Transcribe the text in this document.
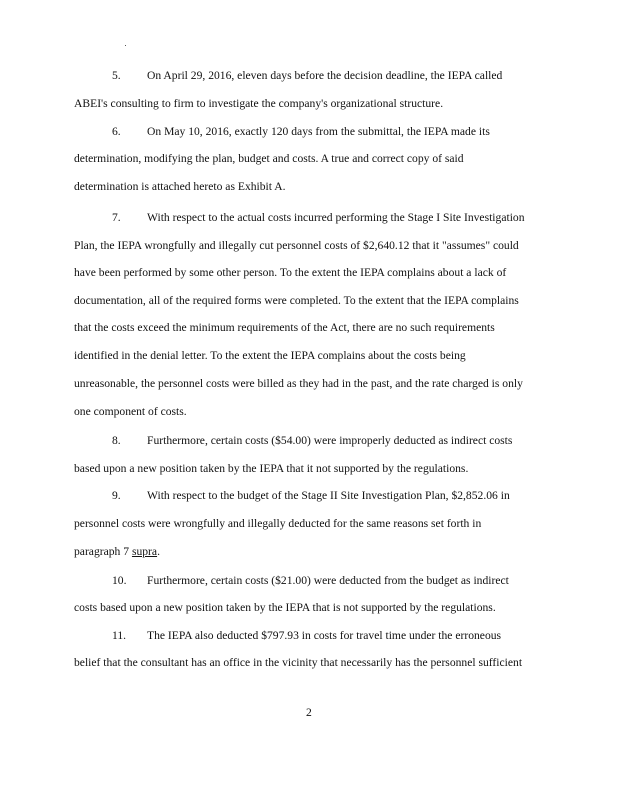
5. On April 29, 2016, eleven days before the decision deadline, the IEPA called
ABEI's consulting to firm to investigate the company's organizational structure.
6. On May 10, 2016, exactly 120 days from the submittal, the IEPA made its
determination, modifying the plan, budget and costs. A true and correct copy of said
determination is attached hereto as Exhibit A.
7. With respect to the actual costs incurred performing the Stage I Site Investigation
Plan, the IEPA wrongfully and illegally cut personnel costs of $2,640.12 that it "assumes" could
have been performed by some other person. To the extent the IEPA complains about a lack of
documentation, all of the required forms were completed. To the extent that the IEPA complains
that the costs exceed the minimum requirements of the Act, there are no such requirements
identified in the denial letter. To the extent the IEPA complains about the costs being
unreasonable, the personnel costs were billed as they had in the past, and the rate charged is only
one component of costs.
8. Furthermore, certain costs ($54.00) were improperly deducted as indirect costs
based upon a new position taken by the IEPA that it not supported by the regulations.
9. With respect to the budget of the Stage II Site Investigation Plan, $2,852.06 in
personnel costs were wrongfully and illegally deducted for the same reasons set forth in
paragraph 7 supra.
10. Furthermore, certain costs ($21.00) were deducted from the budget as indirect
costs based upon a new position taken by the IEPA that is not supported by the regulations.
11. The IEPA also deducted $797.93 in costs for travel time under the erroneous
belief that the consultant has an office in the vicinity that necessarily has the personnel sufficient
2
